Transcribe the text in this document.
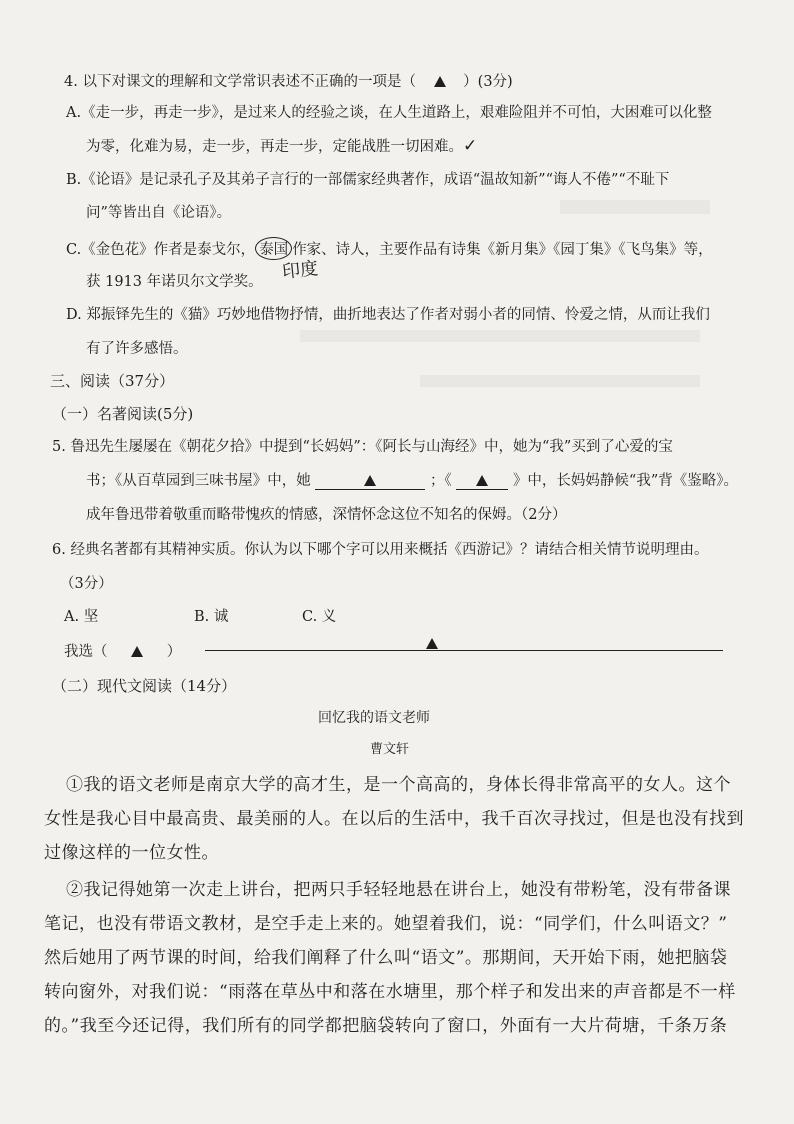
4. 以下对课文的理解和文学常识表述不正确的一项是（	）(3分)
A.《走一步，再走一步》，是过来人的经验之谈，在人生道路上，艰难险阻并不可怕，大困难可以化整
为零，化难为易，走一步，再走一步，定能战胜一切困难。✓
B.《论语》是记录孔子及其弟子言行的一部儒家经典著作，成语“温故知新”“诲人不倦”“不耻下
问”等皆出自《论语》。
C.《金色花》作者是泰戈尔， 泰国 作家、诗人，主要作品有诗集《新月集》《园丁集》《飞鸟集》等，
印度
获 1913 年诺贝尔文学奖。
D. 郑振铎先生的《猫》巧妙地借物抒情，曲折地表达了作者对弱小者的同情、怜爱之情，从而让我们
有了许多感悟。
三、阅读（37分）
（一）名著阅读(5分)
5. 鲁迅先生屡屡在《朝花夕拾》中提到“长妈妈”：《阿长与山海经》中，她为“我”买到了心爱的宝
书；《从百草园到三味书屋》中，她	；《	》中，长妈妈静候“我”背《鉴略》。
成年鲁迅带着敬重而略带愧疚的情感，深情怀念这位不知名的保姆。（2分）
6. 经典名著都有其精神实质。你认为以下哪个字可以用来概括《西游记》？请结合相关情节说明理由。
（3分）
A. 坚	B. 诚	C. 义
我选（	）
（二）现代文阅读（14分）
回忆我的语文老师
曹文轩
①我的语文老师是南京大学的高才生，是一个高高的，身体长得非常高平的女人。这个
女性是我心目中最高贵、最美丽的人。在以后的生活中，我千百次寻找过，但是也没有找到
过像这样的一位女性。
②我记得她第一次走上讲台，把两只手轻轻地悬在讲台上，她没有带粉笔，没有带备课
笔记，也没有带语文教材，是空手走上来的。她望着我们，说：“同学们，什么叫语文？”
然后她用了两节课的时间，给我们阐释了什么叫“语文”。那期间，天开始下雨，她把脑袋
转向窗外，对我们说：“雨落在草丛中和落在水塘里，那个样子和发出来的声音都是不一样
的。”我至今还记得，我们所有的同学都把脑袋转向了窗口，外面有一大片荷塘，千条万条
